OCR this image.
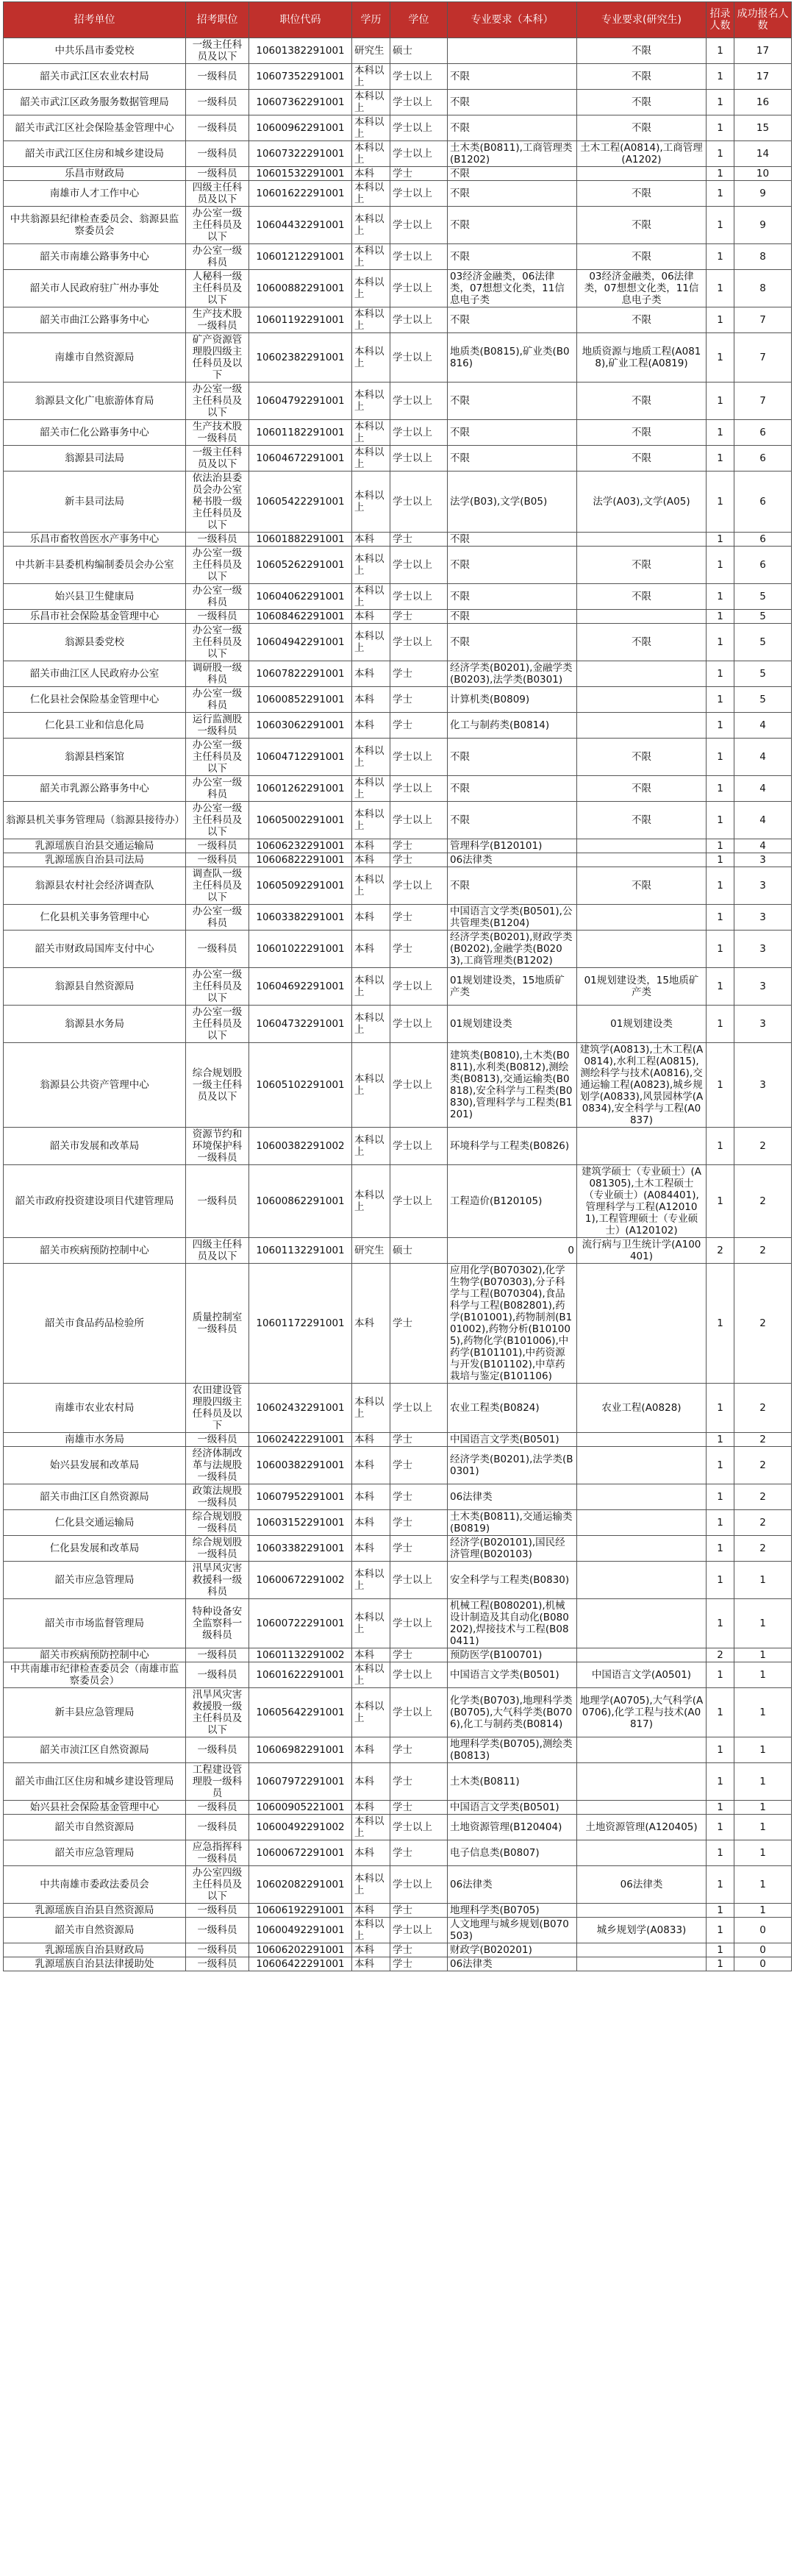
招考单位	招考职位	职位代码	学历	学位	专业要求（本科）	专业要求(研究生)	招录人数	成功报名人数
中共乐昌市委党校	一级主任科员及以下	10601382291001	研究生	硕士		不限	1	17
韶关市武江区农业农村局	一级科员	10607352291001	本科以上	学士以上	不限	不限	1	17
韶关市武江区政务服务数据管理局	一级科员	10607362291001	本科以上	学士以上	不限	不限	1	16
韶关市武江区社会保险基金管理中心	一级科员	10600962291001	本科以上	学士以上	不限	不限	1	15
韶关市武江区住房和城乡建设局	一级科员	10607322291001	本科以上	学士以上	土木类(B0811),工商管理类(B1202)	土木工程(A0814),工商管理(A1202)	1	14
乐昌市财政局	一级科员	10601532291001	本科	学士	不限		1	10
南雄市人才工作中心	四级主任科员及以下	10601622291001	本科以上	学士以上	不限	不限	1	9
中共翁源县纪律检查委员会、翁源县监察委员会	办公室一级主任科员及以下	10604432291001	本科以上	学士以上	不限	不限	1	9
韶关市南雄公路事务中心	办公室一级科员	10601212291001	本科以上	学士以上	不限	不限	1	8
韶关市人民政府驻广州办事处	人秘科一级主任科员及以下	10600882291001	本科以上	学士以上	03经济金融类，06法律类，07想想文化类，11信息电子类	03经济金融类，06法律类，07想想文化类，11信息电子类	1	8
韶关市曲江公路事务中心	生产技术股一级科员	10601192291001	本科以上	学士以上	不限	不限	1	7
南雄市自然资源局	矿产资源管理股四级主任科员及以下	10602382291001	本科以上	学士以上	地质类(B0815),矿业类(B0816)	地质资源与地质工程(A0818),矿业工程(A0819)	1	7
翁源县文化广电旅游体育局	办公室一级主任科员及以下	10604792291001	本科以上	学士以上	不限	不限	1	7
韶关市仁化公路事务中心	生产技术股一级科员	10601182291001	本科以上	学士以上	不限	不限	1	6
翁源县司法局	一级主任科员及以下	10604672291001	本科以上	学士以上	不限	不限	1	6
新丰县司法局	依法治县委员会办公室秘书股一级主任科员及以下	10605422291001	本科以上	学士以上	法学(B03),文学(B05)	法学(A03),文学(A05)	1	6
乐昌市畜牧兽医水产事务中心	一级科员	10601882291001	本科	学士	不限		1	6
中共新丰县委机构编制委员会办公室	办公室一级主任科员及以下	10605262291001	本科以上	学士以上	不限	不限	1	6
始兴县卫生健康局	办公室一级科员	10604062291001	本科以上	学士以上	不限	不限	1	5
乐昌市社会保险基金管理中心	一级科员	10608462291001	本科	学士	不限		1	5
翁源县委党校	办公室一级主任科员及以下	10604942291001	本科以上	学士以上	不限	不限	1	5
韶关市曲江区人民政府办公室	调研股一级科员	10607822291001	本科	学士	经济学类(B0201),金融学类(B0203),法学类(B0301)		1	5
仁化县社会保险基金管理中心	办公室一级科员	10600852291001	本科	学士	计算机类(B0809)		1	5
仁化县工业和信息化局	运行监测股一级科员	10603062291001	本科	学士	化工与制药类(B0814)		1	4
翁源县档案馆	办公室一级主任科员及以下	10604712291001	本科以上	学士以上	不限	不限	1	4
韶关市乳源公路事务中心	办公室一级科员	10601262291001	本科以上	学士以上	不限	不限	1	4
翁源县机关事务管理局（翁源县接待办）	办公室一级主任科员及以下	10605002291001	本科以上	学士以上	不限	不限	1	4
乳源瑶族自治县交通运输局	一级科员	10606232291001	本科	学士	管理科学(B120101)		1	4
乳源瑶族自治县司法局	一级科员	10606822291001	本科	学士	06法律类		1	3
翁源县农村社会经济调查队	调查队一级主任科员及以下	10605092291001	本科以上	学士以上	不限	不限	1	3
仁化县机关事务管理中心	办公室一级科员	10603382291001	本科	学士	中国语言文学类(B0501),公共管理类(B1204)		1	3
韶关市财政局国库支付中心	一级科员	10601022291001	本科	学士	经济学类(B0201),财政学类(B0202),金融学类(B0203),工商管理类(B1202)		1	3
翁源县自然资源局	办公室一级主任科员及以下	10604692291001	本科以上	学士以上	01规划建设类，15地质矿产类	01规划建设类，15地质矿产类	1	3
翁源县水务局	办公室一级主任科员及以下	10604732291001	本科以上	学士以上	01规划建设类	01规划建设类	1	3
翁源县公共资产管理中心	综合规划股一级主任科员及以下	10605102291001	本科以上	学士以上	建筑类(B0810),土木类(B0811),水利类(B0812),测绘类(B0813),交通运输类(B0818),安全科学与工程类(B0830),管理科学与工程类(B1201)	建筑学(A0813),土木工程(A0814),水利工程(A0815),测绘科学与技术(A0816),交通运输工程(A0823),城乡规划学(A0833),风景园林学(A0834),安全科学与工程(A0837)	1	3
韶关市发展和改革局	资源节约和环境保护科一级科员	10600382291002	本科以上	学士以上	环境科学与工程类(B0826)		1	2
韶关市政府投资建设项目代建管理局	一级科员	10600862291001	本科以上	学士以上	工程造价(B120105)	建筑学硕士（专业硕士）(A081305),土木工程硕士（专业硕士）(A084401),管理科学与工程(A120101),工程管理硕士（专业硕士）(A120102)	1	2
韶关市疾病预防控制中心	四级主任科员及以下	10601132291001	研究生	硕士	0	流行病与卫生统计学(A100401)	2	2
韶关市食品药品检验所	质量控制室一级科员	10601172291001	本科	学士	应用化学(B070302),化学生物学(B070303),分子科学与工程(B070304),食品科学与工程(B082801),药学(B101001),药物制剂(B101002),药物分析(B101005),药物化学(B101006),中药学(B101101),中药资源与开发(B101102),中草药栽培与鉴定(B101106)		1	2
南雄市农业农村局	农田建设管理股四级主任科员及以下	10602432291001	本科以上	学士以上	农业工程类(B0824)	农业工程(A0828)	1	2
南雄市水务局	一级科员	10602422291001	本科	学士	中国语言文学类(B0501)		1	2
始兴县发展和改革局	经济体制改革与法规股一级科员	10600382291001	本科	学士	经济学类(B0201),法学类(B0301)		1	2
韶关市曲江区自然资源局	政策法规股一级科员	10607952291001	本科	学士	06法律类		1	2
仁化县交通运输局	综合规划股一级科员	10603152291001	本科	学士	土木类(B0811),交通运输类(B0819)		1	2
仁化县发展和改革局	综合规划股一级科员	10603382291001	本科	学士	经济学(B020101),国民经济管理(B020103)		1	2
韶关市应急管理局	汛旱风灾害救援科一级科员	10600672291002	本科以上	学士以上	安全科学与工程类(B0830)		1	1
韶关市市场监督管理局	特种设备安全监察科一级科员	10600722291001	本科以上	学士以上	机械工程(B080201),机械设计制造及其自动化(B080202),焊接技术与工程(B080411)		1	1
韶关市疾病预防控制中心	一级科员	10601132291002	本科	学士	预防医学(B100701)		2	1
中共南雄市纪律检查委员会（南雄市监察委员会）	一级科员	10601622291001	本科以上	学士以上	中国语言文学类(B0501)	中国语言文学(A0501)	1	1
新丰县应急管理局	汛旱风灾害救援股一级主任科员及以下	10605642291001	本科以上	学士以上	化学类(B0703),地理科学类(B0705),大气科学类(B0706),化工与制药类(B0814)	地理学(A0705),大气科学(A0706),化学工程与技术(A0817)	1	1
韶关市浈江区自然资源局	一级科员	10606982291001	本科	学士	地理科学类(B0705),测绘类(B0813)		1	1
韶关市曲江区住房和城乡建设管理局	工程建设管理股一级科员	10607972291001	本科	学士	土木类(B0811)		1	1
始兴县社会保险基金管理中心	一级科员	10600905221001	本科	学士	中国语言文学类(B0501)		1	1
韶关市自然资源局	一级科员	10600492291002	本科以上	学士以上	土地资源管理(B120404)	土地资源管理(A120405)	1	1
韶关市应急管理局	应急指挥科一级科员	10600672291001	本科	学士	电子信息类(B0807)		1	1
中共南雄市委政法委员会	办公室四级主任科员及以下	10602082291001	本科以上	学士以上	06法律类	06法律类	1	1
乳源瑶族自治县自然资源局	一级科员	10606192291001	本科	学士	地理科学类(B0705)		1	1
韶关市自然资源局	一级科员	10600492291001	本科以上	学士以上	人文地理与城乡规划(B070503)	城乡规划学(A0833)	1	0
乳源瑶族自治县财政局	一级科员	10606202291001	本科	学士	财政学(B020201)		1	0
乳源瑶族自治县法律援助处	一级科员	10606422291001	本科	学士	06法律类		1	0
